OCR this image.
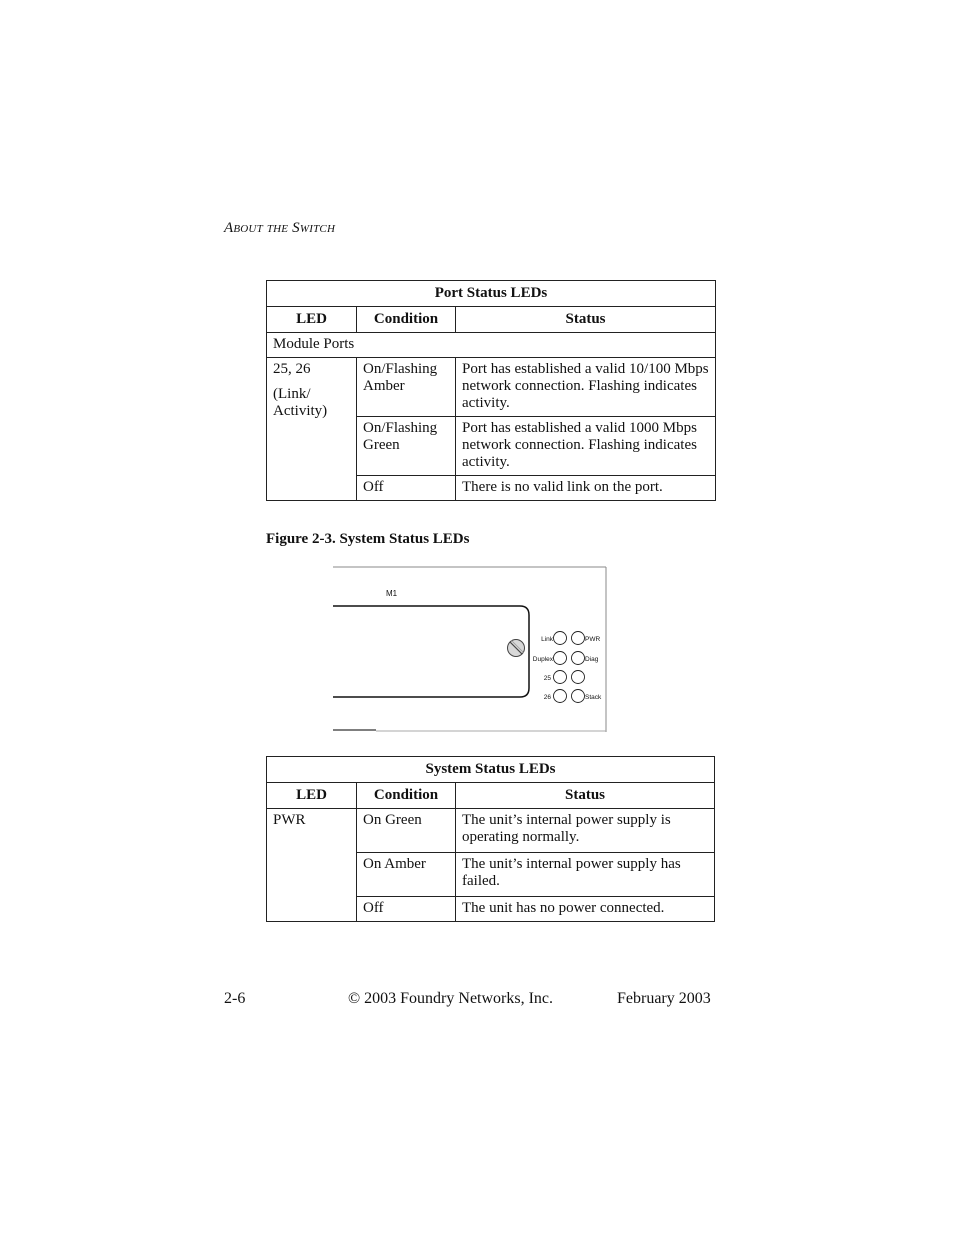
About the Switch
Port Status LEDs		
LED	Condition	Status
Module Ports		
25, 26
(Link/ Activity)	On/Flashing Amber	Port has established a valid 10/100 Mbps network connection. Flashing indicates activity.
	On/Flashing Green	Port has established a valid 1000 Mbps network connection. Flashing indicates activity.
	Off	There is no valid link on the port.
Figure 2-3. System Status LEDs
M1
Link	PWR
Duplex	Diag
25
26	Stack
System Status LEDs		
LED	Condition	Status
PWR	On Green	The unit’s internal power supply is operating normally.
	On Amber	The unit’s internal power supply has failed.
	Off	The unit has no power connected.
2-6	© 2003 Foundry Networks, Inc.	February 2003
